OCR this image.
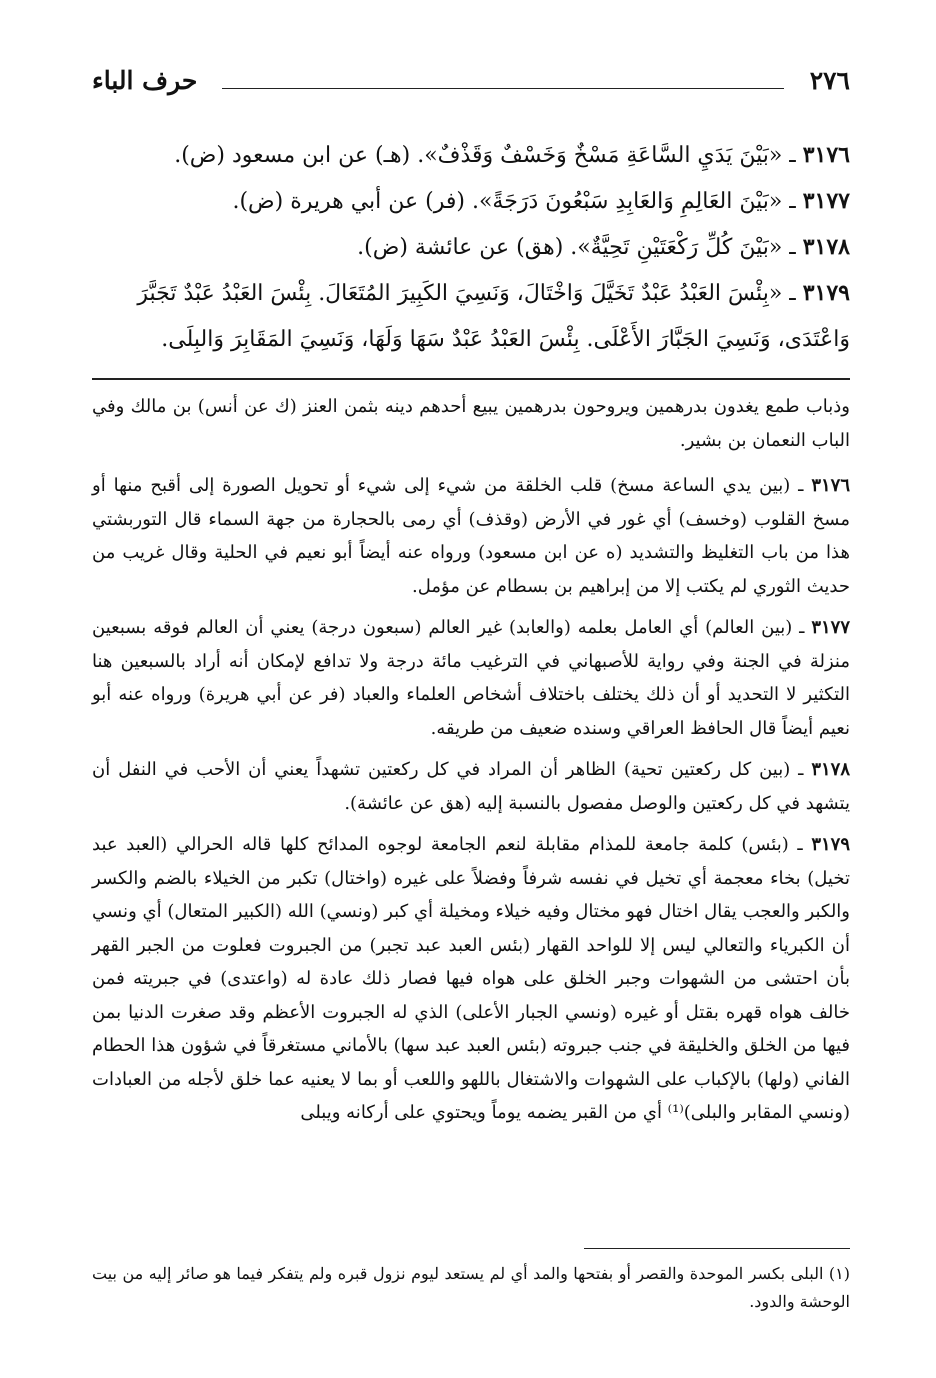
٢٧٦
حرف الباء
٣١٧٦ ـ «بَيْنَ يَدَيِ السَّاعَةِ مَسْخٌ وَخَسْفٌ وَقَذْفٌ». (هـ) عن ابن مسعود (ض).
٣١٧٧ ـ «بَيْنَ العَالِمِ وَالعَابِدِ سَبْعُونَ دَرَجَةً». (فر) عن أبي هريرة (ض).
٣١٧٨ ـ «بَيْنَ كُلِّ رَكْعَتَيْنِ تَحِيَّةٌ». (هق) عن عائشة (ض).
٣١٧٩ ـ «بِئْسَ العَبْدُ عَبْدٌ تَخَيَّلَ وَاخْتَالَ، وَنَسِيَ الكَبِيرَ المُتَعَالَ. بِئْسَ العَبْدُ عَبْدٌ تَجَبَّرَ وَاعْتَدَى، وَنَسِيَ الجَبَّارَ الأَعْلَى. بِئْسَ العَبْدُ عَبْدٌ سَهَا وَلَهَا، وَنَسِيَ المَقَابِرَ وَالبِلَى.

وذباب طمع يغدون بدرهمين ويروحون بدرهمين يبيع أحدهم دينه بثمن العنز (ك عن أنس) بن مالك وفي الباب النعمان بن بشير.

٣١٧٦ ـ (بين يدي الساعة مسخ) قلب الخلقة من شيء إلى شيء أو تحويل الصورة إلى أقبح منها أو مسخ القلوب (وخسف) أي غور في الأرض (وقذف) أي رمى بالحجارة من جهة السماء قال التوربشتي هذا من باب التغليظ والتشديد (ه عن ابن مسعود) ورواه عنه أيضاً أبو نعيم في الحلية وقال غريب من حديث الثوري لم يكتب إلا من إبراهيم بن بسطام عن مؤمل.

٣١٧٧ ـ (بين العالم) أي العامل بعلمه (والعابد) غير العالم (سبعون درجة) يعني أن العالم فوقه بسبعين منزلة في الجنة وفي رواية للأصبهاني في الترغيب مائة درجة ولا تدافع لإمكان أنه أراد بالسبعين هنا التكثير لا التحديد أو أن ذلك يختلف باختلاف أشخاص العلماء والعباد (فر عن أبي هريرة) ورواه عنه أبو نعيم أيضاً قال الحافظ العراقي وسنده ضعيف من طريقه.

٣١٧٨ ـ (بين كل ركعتين تحية) الظاهر أن المراد في كل ركعتين تشهداً يعني أن الأحب في النفل أن يتشهد في كل ركعتين والوصل مفصول بالنسبة إليه (هق عن عائشة).

٣١٧٩ ـ (بئس) كلمة جامعة للمذام مقابلة لنعم الجامعة لوجوه المدائح كلها قاله الحرالي (العبد عبد تخيل) بخاء معجمة أي تخيل في نفسه شرفاً وفضلاً على غيره (واختال) تكبر من الخيلاء بالضم والكسر والكبر والعجب يقال اختال فهو مختال وفيه خيلاء ومخيلة أي كبر (ونسي) الله (الكبير المتعال) أي ونسي أن الكبرياء والتعالي ليس إلا للواحد القهار (بئس العبد عبد تجبر) من الجبروت فعلوت من الجبر القهر بأن احتشى من الشهوات وجبر الخلق على هواه فيها فصار ذلك عادة له (واعتدى) في جبريته فمن خالف هواه قهره بقتل أو غيره (ونسي الجبار الأعلى) الذي له الجبروت الأعظم وقد صغرت الدنيا بمن فيها من الخلق والخليقة في جنب جبروته (بئس العبد عبد سها) بالأماني مستغرقاً في شؤون هذا الحطام الفاني (ولها) بالإكباب على الشهوات والاشتغال باللهو واللعب أو بما لا يعنيه عما خلق لأجله من العبادات (ونسي المقابر والبلى)⁽¹⁾ أي من القبر يضمه يوماً ويحتوي على أركانه ويبلى

(١) البلى بكسر الموحدة والقصر أو بفتحها والمد أي لم يستعد ليوم نزول قبره ولم يتفكر فيما هو صائر إليه من بيت الوحشة والدود.
